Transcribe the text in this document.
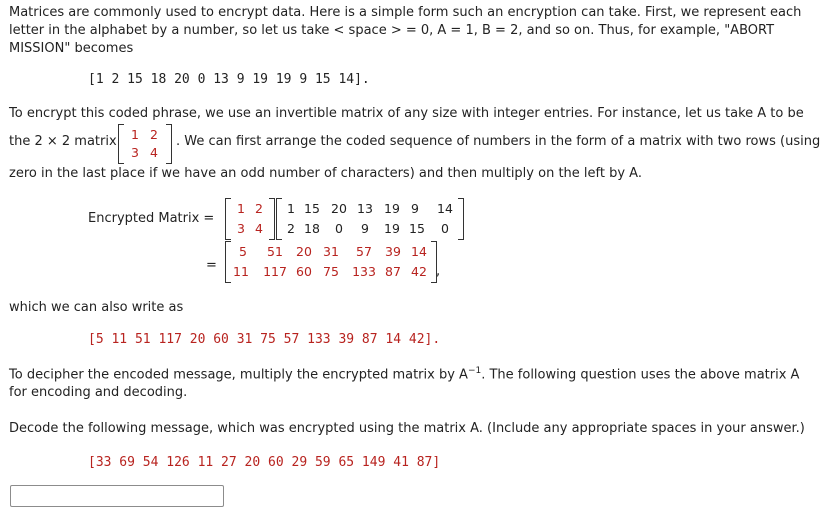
Matrices are commonly used to encrypt data. Here is a simple form such an encryption can take. First, we represent each
letter in the alphabet by a number, so let us take < space > = 0, A = 1, B = 2, and so on. Thus, for example, "ABORT
MISSION" becomes
[1 2 15 18 20 0 13 9 19 19 9 15 14].
To encrypt this coded phrase, we use an invertible matrix of any size with integer entries. For instance, let us take A to be
the 2 × 2 matrix 1 2
3 4
. We can first arrange the coded sequence of numbers in the form of a matrix with two rows (using
zero in the last place if we have an odd number of characters) and then multiply on the left by A.
Encrypted Matrix =
1 2
3 4
1 15 20 13 19 9	14
2 18	0	9	19 15	0
=
5	51	20 31	57	39 14
11 117 60 75	133 87 42 ,
which we can also write as
[5 11 51 117 20 60 31 75 57 133 39 87 14 42].
To decipher the encoded message, multiply the encrypted matrix by $A^{-1}$. The following question uses the above matrix A
for encoding and decoding.
Decode the following message, which was encrypted using the matrix A. (Include any appropriate spaces in your answer.)
[33 69 54 126 11 27 20 60 29 59 65 149 41 87]
